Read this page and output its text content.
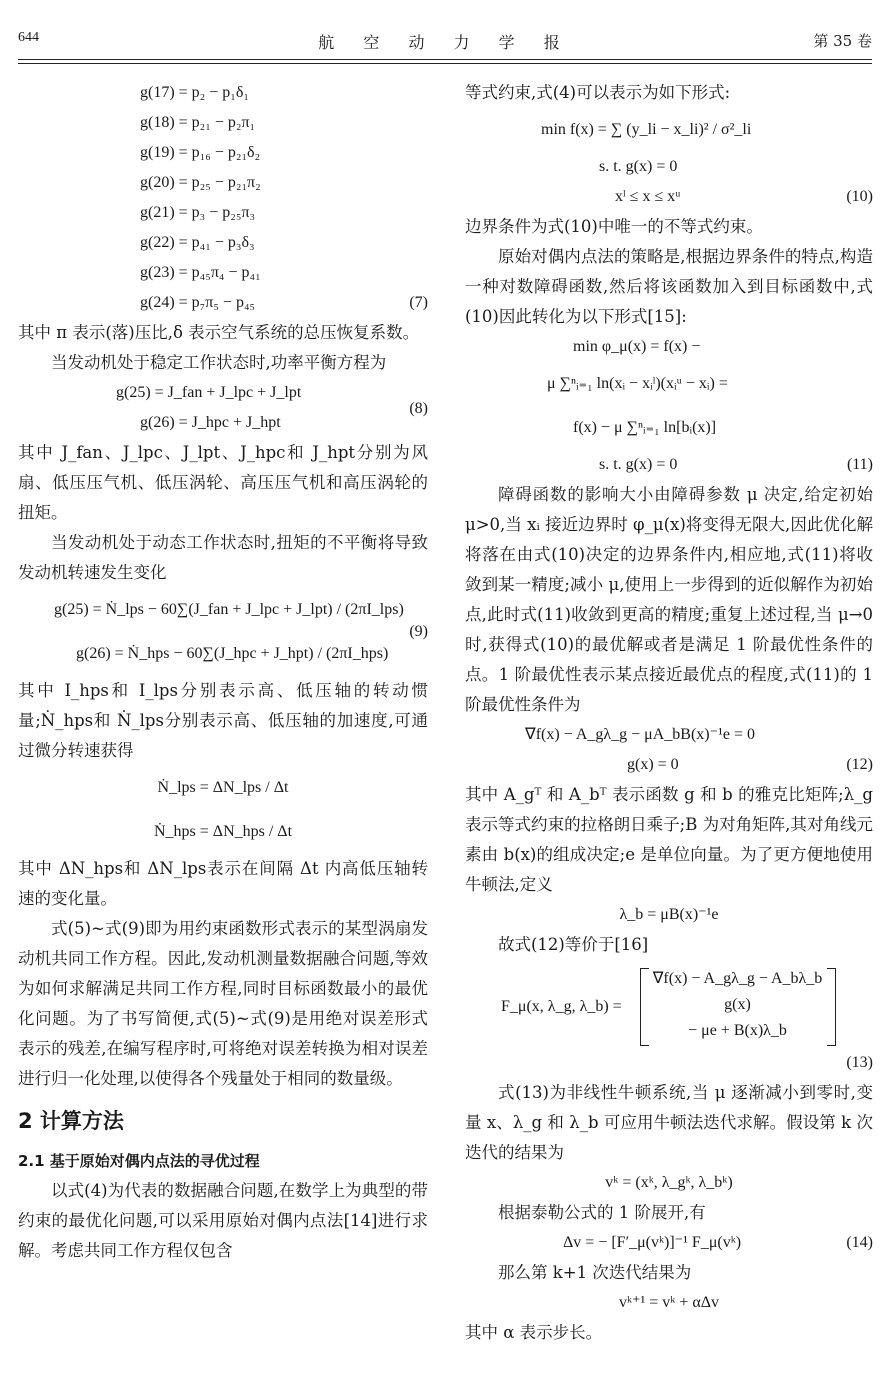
644	航 空 动 力 学 报	第 35 卷
g(17) = p₂ − p₁δ₁
g(18) = p₂₁ − p₂π₁
g(19) = p₁₆ − p₂₁δ₂
g(20) = p₂₅ − p₂₁π₂
g(21) = p₃ − p₂₅π₃
g(22) = p₄₁ − p₃δ₃
g(23) = p₄₅π₄ − p₄₁
g(24) = p₇π₅ − p₄₅	(7)

其中 π 表示(落)压比,δ 表示空气系统的总压恢复系数。

当发动机处于稳定工作状态时,功率平衡方程为

g(25) = J_fan + J_lpc + J_lpt
g(26) = J_hpc + J_hpt
(8)

其中 J_fan、J_lpc、J_lpt、J_hpc和 J_hpt分别为风扇、低压压气机、低压涡轮、高压压气机和高压涡轮的扭矩。

当发动机处于动态工作状态时,扭矩的不平衡将导致发动机转速发生变化

g(25) = Ṅ_lps − 60∑(J_fan + J_lpc + J_lpt) / (2πI_lps)
g(26) = Ṅ_hps − 60∑(J_hpc + J_hpt) / (2πI_hps)
(9)

其中 I_hps和 I_lps分别表示高、低压轴的转动惯量;Ṅ_hps和 Ṅ_lps分别表示高、低压轴的加速度,可通过微分转速获得

Ṅ_lps = ΔN_lps / Δt
Ṅ_hps = ΔN_hps / Δt

其中 ΔN_hps和 ΔN_lps表示在间隔 Δt 内高低压轴转速的变化量。

式(5)~式(9)即为用约束函数形式表示的某型涡扇发动机共同工作方程。因此,发动机测量数据融合问题,等效为如何求解满足共同工作方程,同时目标函数最小的最优化问题。为了书写简便,式(5)~式(9)是用绝对误差形式表示的残差,在编写程序时,可将绝对误差转换为相对误差进行归一化处理,以使得各个残量处于相同的数量级。

2 计算方法
2.1 基于原始对偶内点法的寻优过程

以式(4)为代表的数据融合问题,在数学上为典型的带约束的最优化问题,可以采用原始对偶内点法[14]进行求解。考虑共同工作方程仅包含

等式约束,式(4)可以表示为如下形式:

min f(x) = ∑ (y_li − x_li)² / σ²_li
s. t. g(x) = 0
xˡ ≤ x ≤ xᵘ	(10)

边界条件为式(10)中唯一的不等式约束。

原始对偶内点法的策略是,根据边界条件的特点,构造一种对数障碍函数,然后将该函数加入到目标函数中,式(10)因此转化为以下形式[15]:

min φ_μ(x) = f(x) −
μ ∑ⁿᵢ₌₁ ln(xᵢ − xᵢˡ)(xᵢᵘ − xᵢ) =
f(x) − μ ∑ⁿᵢ₌₁ ln[bᵢ(x)]
s. t. g(x) = 0	(11)

障碍函数的影响大小由障碍参数 μ 决定,给定初始 μ>0,当 xᵢ 接近边界时 φ_μ(x)将变得无限大,因此优化解将落在由式(10)决定的边界条件内,相应地,式(11)将收敛到某一精度;减小 μ,使用上一步得到的近似解作为初始点,此时式(11)收敛到更高的精度;重复上述过程,当 μ→0 时,获得式(10)的最优解或者是满足 1 阶最优性条件的点。1 阶最优性表示某点接近最优点的程度,式(11)的 1 阶最优性条件为

∇f(x) − A_gλ_g − μA_bB(x)⁻¹e = 0
g(x) = 0	(12)

其中 A_gᵀ 和 A_bᵀ 表示函数 g 和 b 的雅克比矩阵;λ_g 表示等式约束的拉格朗日乘子;B 为对角矩阵,其对角线元素由 b(x)的组成决定;e 是单位向量。为了更方便地使用牛顿法,定义

λ_b = μB(x)⁻¹e

故式(12)等价于[16]

F_μ(x, λ_g, λ_b) =
∇f(x) − A_gλ_g − A_bλ_b
g(x)
− μe + B(x)λ_b
(13)

式(13)为非线性牛顿系统,当 μ 逐渐减小到零时,变量 x、λ_g 和 λ_b 可应用牛顿法迭代求解。假设第 k 次迭代的结果为

vᵏ = (xᵏ, λ_gᵏ, λ_bᵏ)

根据泰勒公式的 1 阶展开,有

Δv = − [F′_μ(vᵏ)]⁻¹ F_μ(vᵏ)	(14)

那么第 k+1 次迭代结果为

vᵏ⁺¹ = vᵏ + αΔv

其中 α 表示步长。
